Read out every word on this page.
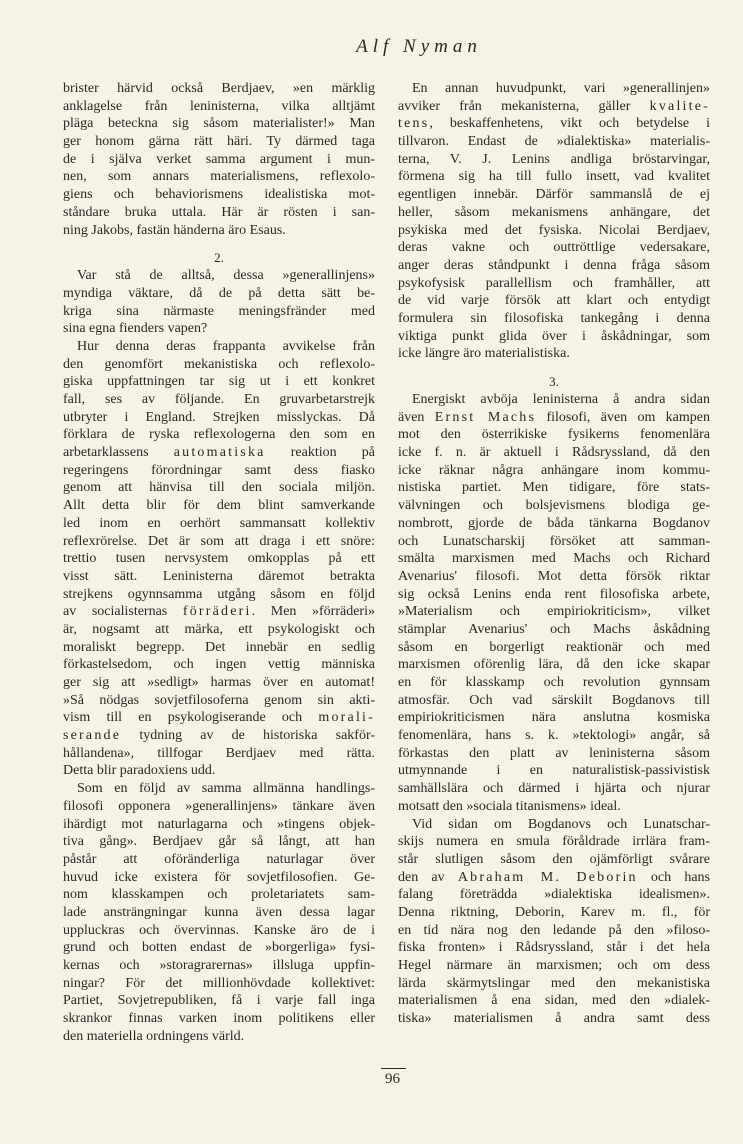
Alf Nyman
brister härvid också Berdjaev, »en märklig
anklagelse från leninisterna, vilka alltjämt
pläga beteckna sig såsom materialister!» Man
ger honom gärna rätt häri. Ty därmed taga
de i själva verket samma argument i mun-
nen, som annars materialismens, reflexolo-
giens och behaviorismens idealistiska mot-
ståndare bruka uttala. Här är rösten i san-
ning Jakobs, fastän händerna äro Esaus.
2.
Var stå de alltså, dessa »generallinjens»
myndiga väktare, då de på detta sätt be-
kriga sina närmaste meningsfränder med
sina egna fienders vapen?
Hur denna deras frappanta avvikelse från
den genomfört mekanistiska och reflexolo-
giska uppfattningen tar sig ut i ett konkret
fall, ses av följande. En gruvarbetarstrejk
utbryter i England. Strejken misslyckas. Då
förklara de ryska reflexologerna den som en
arbetarklassens automatiska reaktion på
regeringens förordningar samt dess fiasko
genom att hänvisa till den sociala miljön.
Allt detta blir för dem blint samverkande
led inom en oerhört sammansatt kollektiv
reflexrörelse. Det är som att draga i ett snöre:
trettio tusen nervsystem omkopplas på ett
visst sätt. Leninisterna däremot betrakta
strejkens ogynnsamma utgång såsom en följd
av socialisternas förräderi. Men »förräderi»
är, nogsamt att märka, ett psykologiskt och
moraliskt begrepp. Det innebär en sedlig
förkastelsedom, och ingen vettig människa
ger sig att »sedligt» harmas över en automat!
»Så nödgas sovjetfilosoferna genom sin akti-
vism till en psykologiserande och morali-
serande tydning av de historiska sakför-
hållandena», tillfogar Berdjaev med rätta.
Detta blir paradoxiens udd.
Som en följd av samma allmänna handlings-
filosofi opponera »generallinjens» tänkare även
ihärdigt mot naturlagarna och »tingens objek-
tiva gång». Berdjaev går så långt, att han
påstår att oföränderliga naturlagar över
huvud icke existera för sovjetfilosofien. Ge-
nom klasskampen och proletariatets sam-
lade ansträngningar kunna även dessa lagar
uppluckras och övervinnas. Kanske äro de i
grund och botten endast de »borgerliga» fysi-
kernas och »storagrarernas» illsluga uppfin-
ningar? För det millionhövdade kollektivet:
Partiet, Sovjetrepubliken, få i varje fall inga
skrankor finnas varken inom politikens eller
den materiella ordningens värld.
En annan huvudpunkt, vari »generallinjen»
avviker från mekanisterna, gäller kvalite-
tens, beskaffenhetens, vikt och betydelse i
tillvaron. Endast de »dialektiska» materialis-
terna, V. J. Lenins andliga bröstarvingar,
förmena sig ha till fullo insett, vad kvalitet
egentligen innebär. Därför sammanslå de ej
heller, såsom mekanismens anhängare, det
psykiska med det fysiska. Nicolai Berdjaev,
deras vakne och outtröttlige vedersakare,
anger deras ståndpunkt i denna fråga såsom
psykofysisk parallellism och framhåller, att
de vid varje försök att klart och entydigt
formulera sin filosofiska tankegång i denna
viktiga punkt glida över i åskådningar, som
icke längre äro materialistiska.
3.
Energiskt avböja leninisterna å andra sidan
även Ernst Machs filosofi, även om kampen
mot den österrikiske fysikerns fenomenlära
icke f. n. är aktuell i Rådsryssland, då den
icke räknar några anhängare inom kommu-
nistiska partiet. Men tidigare, före stats-
välvningen och bolsjevismens blodiga ge-
nombrott, gjorde de båda tänkarna Bogdanov
och Lunatscharskij försöket att samman-
smälta marxismen med Machs och Richard
Avenarius' filosofi. Mot detta försök riktar
sig också Lenins enda rent filosofiska arbete,
»Materialism och empiriokriticism», vilket
stämplar Avenarius' och Machs åskådning
såsom en borgerligt reaktionär och med
marxismen oförenlig lära, då den icke skapar
en för klasskamp och revolution gynnsam
atmosfär. Och vad särskilt Bogdanovs till
empiriokriticismen nära anslutna kosmiska
fenomenlära, hans s. k. »tektologi» angår, så
förkastas den platt av leninisterna såsom
utmynnande i en naturalistisk-passivistisk
samhällslära och därmed i hjärta och njurar
motsatt den »sociala titanismens» ideal.
Vid sidan om Bogdanovs och Lunatschar-
skijs numera en smula föråldrade irrlära fram-
står slutligen såsom den ojämförligt svårare
den av Abraham M. Deborin och hans
falang företrädda »dialektiska idealismen».
Denna riktning, Deborin, Karev m. fl., för
en tid nära nog den ledande på den »filoso-
fiska fronten» i Rådsryssland, står i det hela
Hegel närmare än marxismen; och om dess
lärda skärmytslingar med den mekanistiska
materialismen å ena sidan, med den »dialek-
tiska» materialismen å andra samt dess
96
